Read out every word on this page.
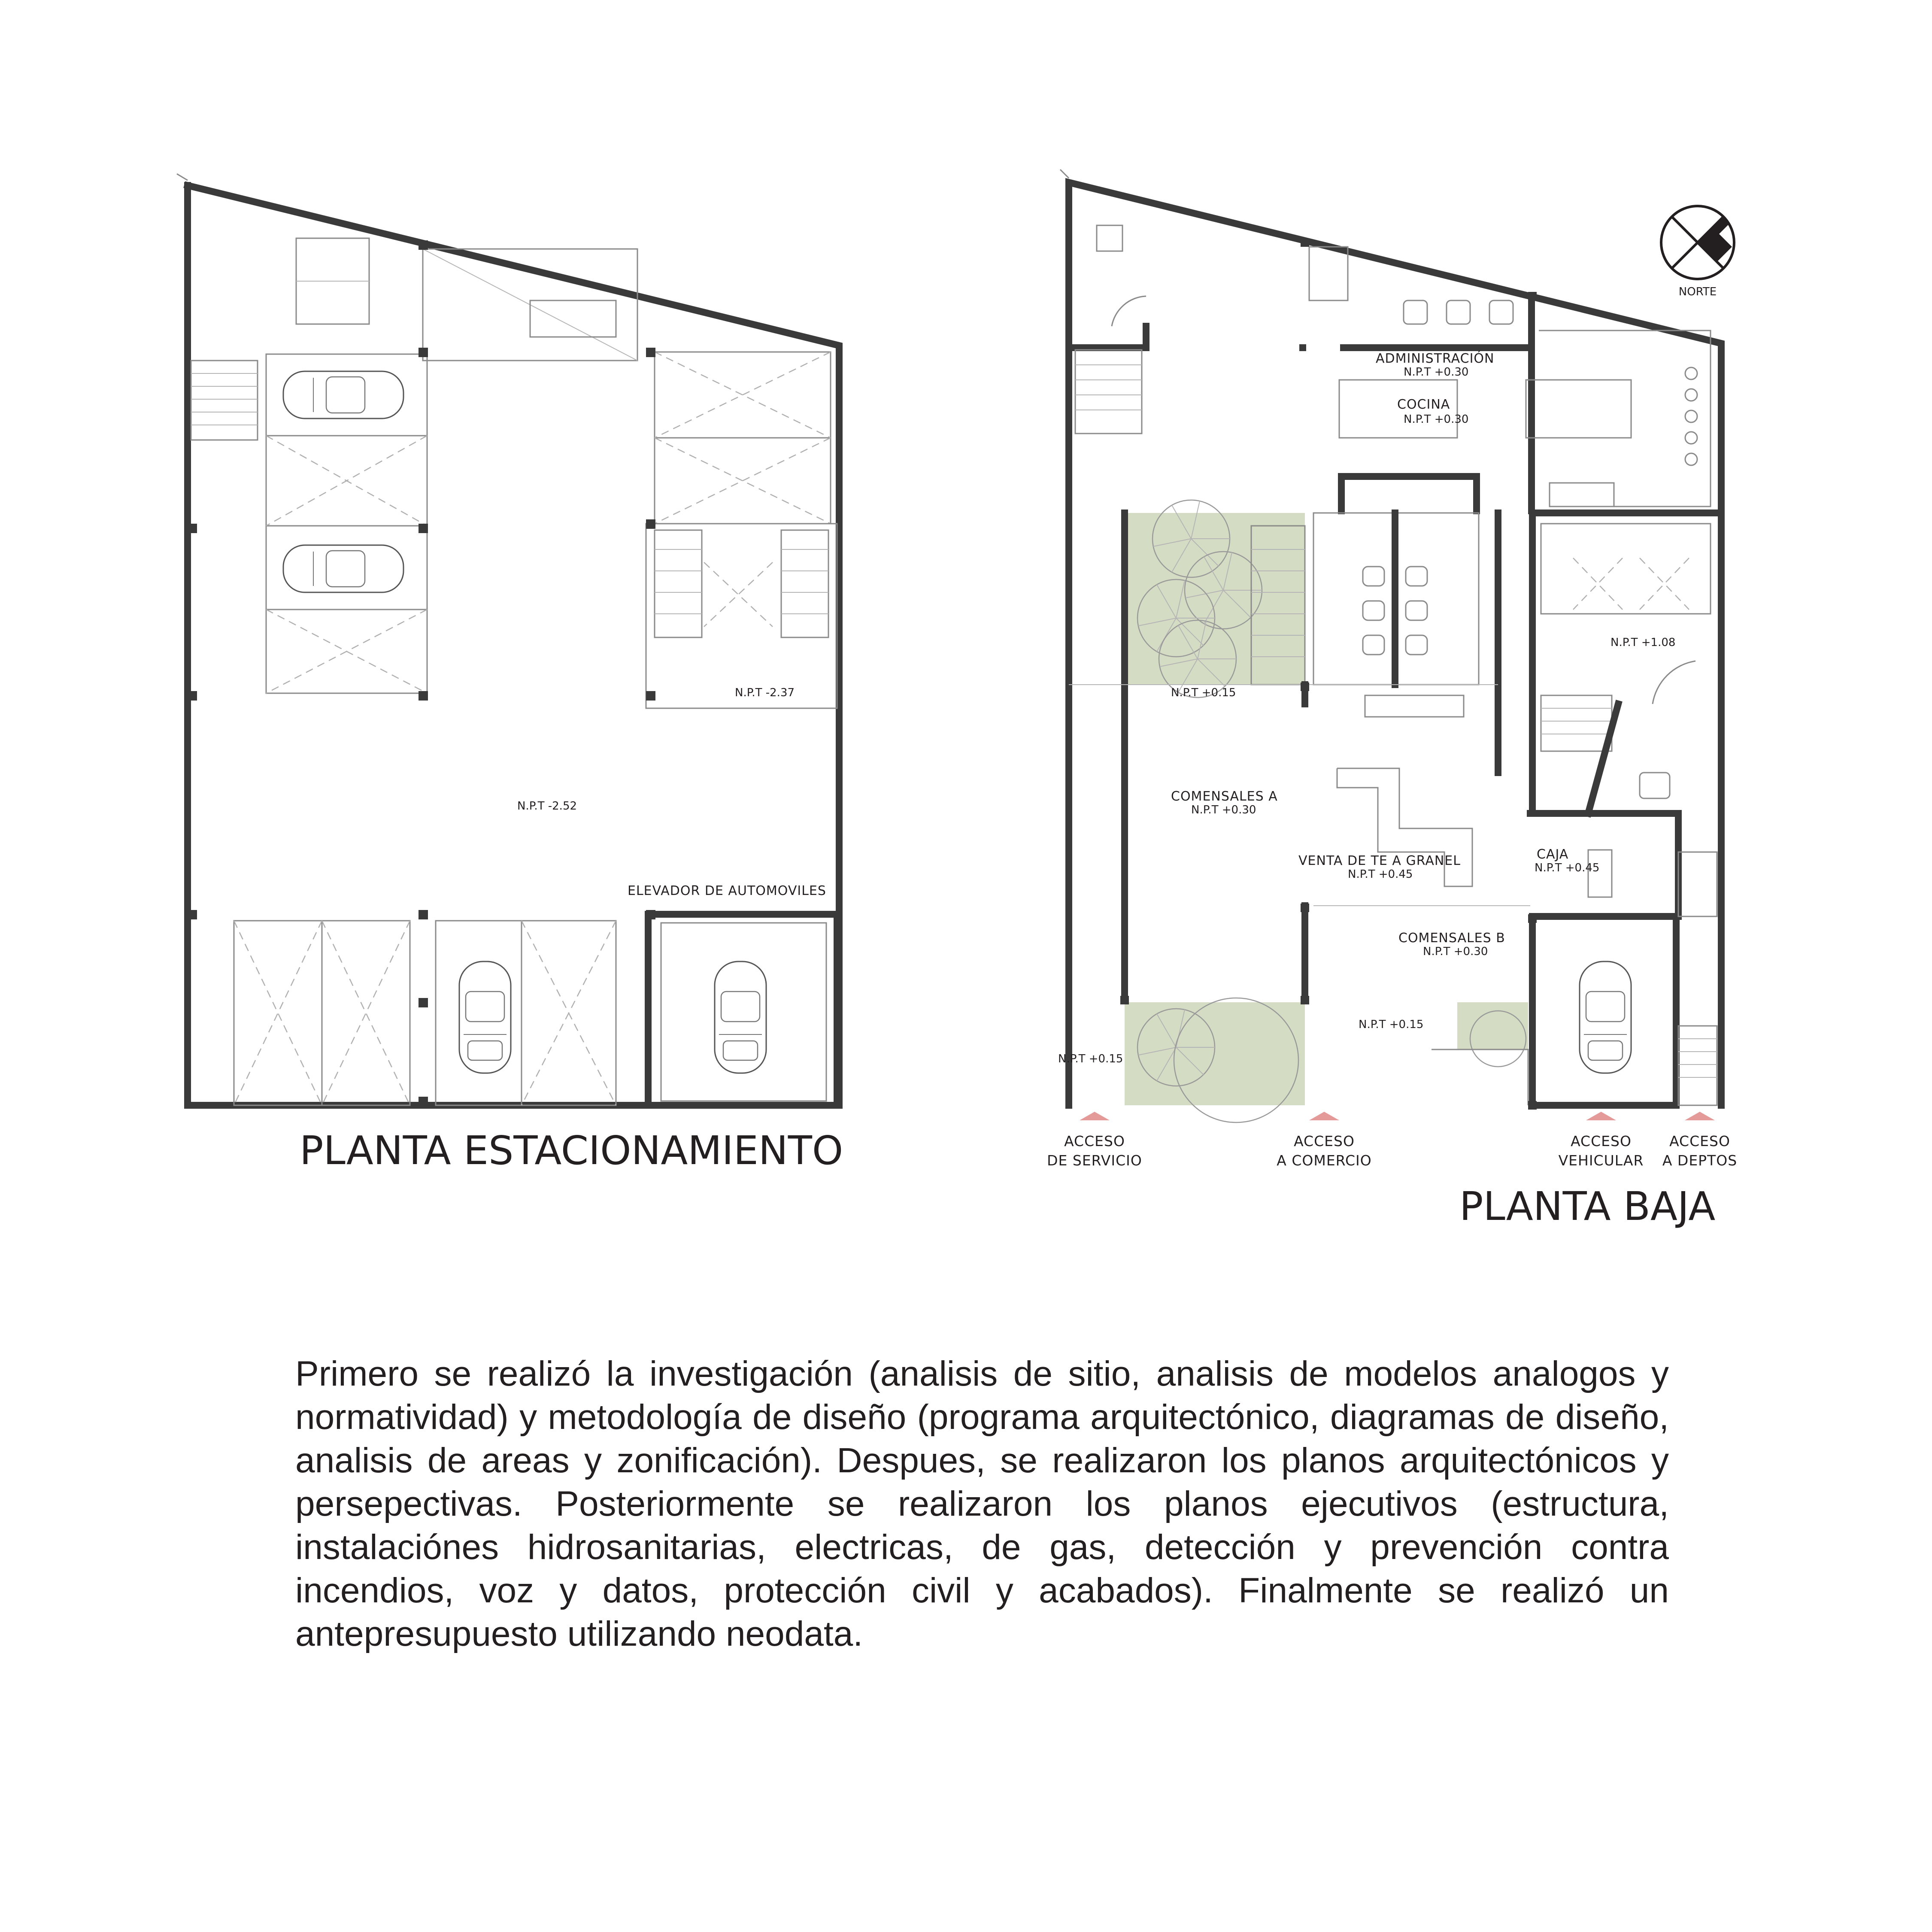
ELEVADOR DE AUTOMOVILES
N.P.T -2.37
N.P.T -2.52
PLANTA ESTACIONAMIENTO
NORTE
ADMINISTRACIÓN
N.P.T +0.30
COCINA
N.P.T +0.30
N.P.T +0.15
N.P.T +1.08
COMENSALES A
N.P.T +0.30
VENTA DE TE A GRANEL
N.P.T +0.45
CAJA
N.P.T +0.45
COMENSALES B
N.P.T +0.30
N.P.T +0.15
N.P.T +0.15
ACCESO
DE SERVICIO
ACCESO
A COMERCIO
ACCESO
VEHICULAR
ACCESO
A DEPTOS
PLANTA BAJA

Primero se realizó la investigación (analisis de sitio, analisis de modelos analogos y normatividad) y metodología de diseño (programa arquitectónico, diagramas de diseño, analisis de areas y zonificación). Despues, se realizaron los planos arquitectónicos y persepectivas. Posteriormente se realizaron los planos ejecutivos (estructura, instalaciónes hidrosanitarias, electricas, de gas, detección y prevención contra incendios, voz y datos, protección civil y acabados). Finalmente se realizó un antepresupuesto utilizando neodata.
